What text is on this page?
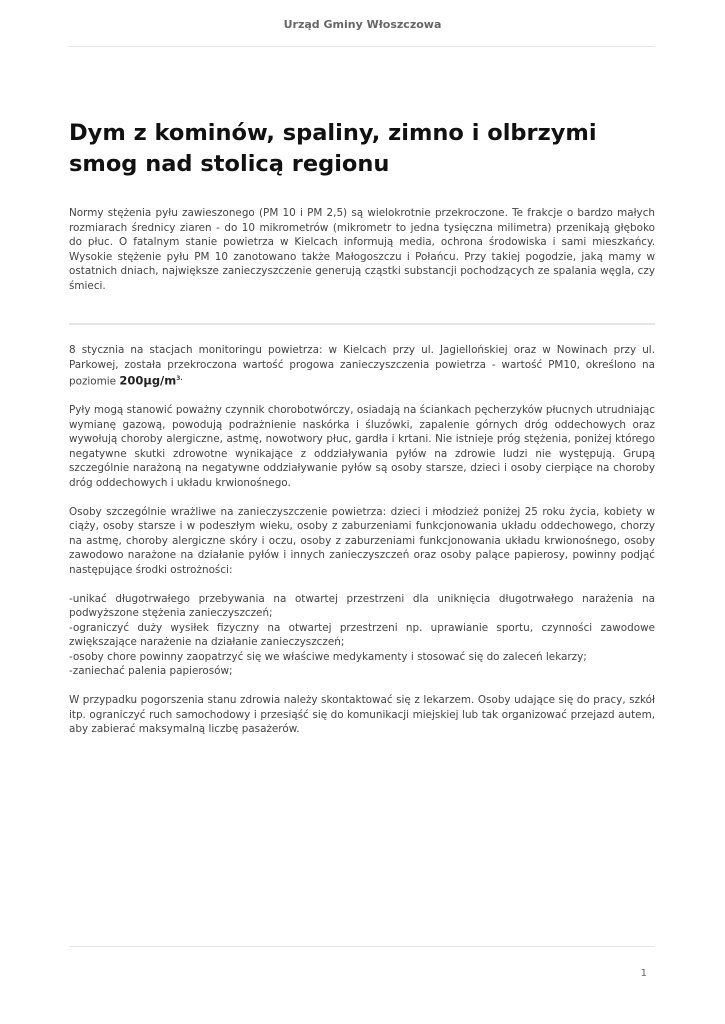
Urząd Gminy Włoszczowa
Dym z kominów, spaliny, zimno i olbrzymi smog nad stolicą regionu

Normy stężenia pyłu zawieszonego (PM 10 i PM 2,5) są wielokrotnie przekroczone. Te frakcje o bardzo małych rozmiarach średnicy ziaren - do 10 mikrometrów (mikrometr to jedna tysięczna milimetra) przenikają głęboko do płuc. O fatalnym stanie powietrza w Kielcach informują media, ochrona środowiska i sami mieszkańcy. Wysokie stężenie pyłu PM 10 zanotowano także Małogoszczu i Połańcu. Przy takiej pogodzie, jaką mamy w ostatnich dniach, największe zanieczyszczenie generują cząstki substancji pochodzących ze spalania węgla, czy śmieci.

8 stycznia na stacjach monitoringu powietrza: w Kielcach przy ul. Jagiellońskiej oraz w Nowinach przy ul. Parkowej, została przekroczona wartość progowa zanieczyszczenia powietrza - wartość PM10, określono na poziomie $200\mu g/m^{3.}$

Pyły mogą stanowić poważny czynnik chorobotwórczy, osiadają na ściankach pęcherzyków płucnych utrudniając wymianę gazową, powodują podrażnienie naskórka i śluzówki, zapalenie górnych dróg oddechowych oraz wywołują choroby alergiczne, astmę, nowotwory płuc, gardła i krtani. Nie istnieje próg stężenia, poniżej którego negatywne skutki zdrowotne wynikające z oddziaływania pyłów na zdrowie ludzi nie występują. Grupą szczególnie narażoną na negatywne oddziaływanie pyłów są osoby starsze, dzieci i osoby cierpiące na choroby dróg oddechowych i układu krwionośnego.

Osoby szczególnie wrażliwe na zanieczyszczenie powietrza: dzieci i młodzież poniżej 25 roku życia, kobiety w ciąży, osoby starsze i w podeszłym wieku, osoby z zaburzeniami funkcjonowania układu oddechowego, chorzy na astmę, choroby alergiczne skóry i oczu, osoby z zaburzeniami funkcjonowania układu krwionośnego, osoby zawodowo narażone na działanie pyłów i innych zanieczyszczeń oraz osoby palące papierosy, powinny podjąć następujące środki ostrożności:

-unikać długotrwałego przebywania na otwartej przestrzeni dla uniknięcia długotrwałego narażenia na podwyższone stężenia zanieczyszczeń;

-ograniczyć duży wysiłek fizyczny na otwartej przestrzeni np. uprawianie sportu, czynności zawodowe zwiększające narażenie na działanie zanieczyszczeń;

-osoby chore powinny zaopatrzyć się we właściwe medykamenty i stosować się do zaleceń lekarzy;

-zaniechać palenia papierosów;

W przypadku pogorszenia stanu zdrowia należy skontaktować się z lekarzem. Osoby udające się do pracy, szkół itp. ograniczyć ruch samochodowy i przesiąść się do komunikacji miejskiej lub tak organizować przejazd autem, aby zabierać maksymalną liczbę pasażerów.

1
